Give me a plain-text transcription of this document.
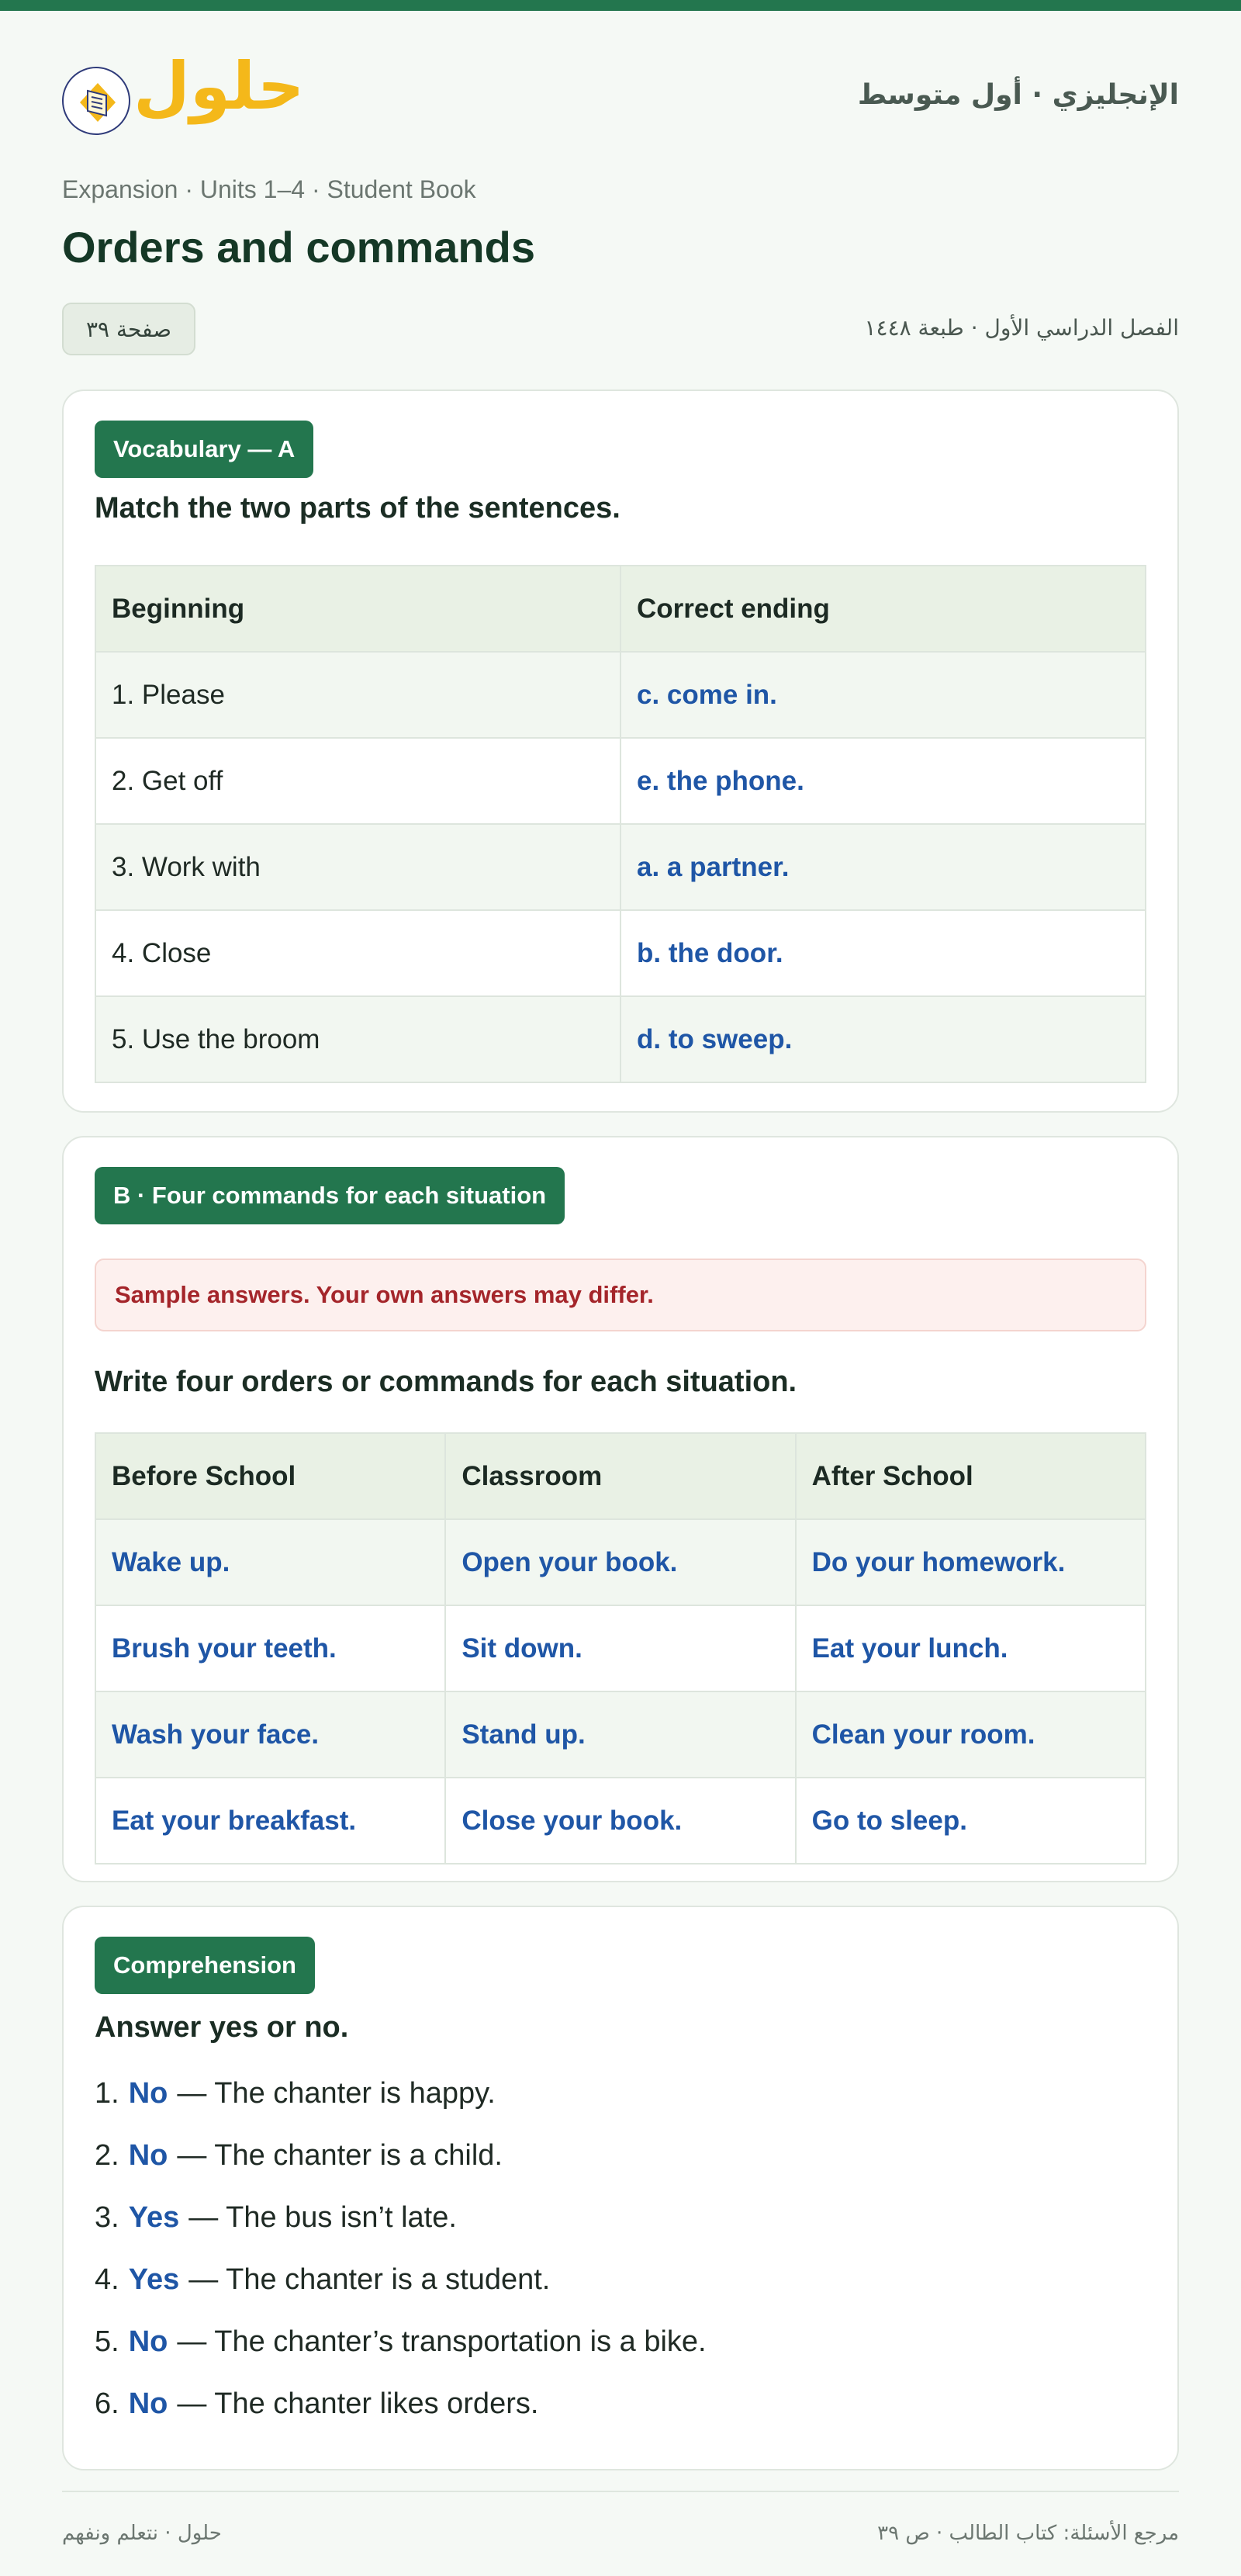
حلول	الإنجليزي · أول متوسط
Expansion · Units 1–4 · Student Book
Orders and commands
صفحة ٣٩	الفصل الدراسي الأول · طبعة ١٤٤٨
Vocabulary — A
Match the two parts of the sentences.
Beginning	Correct ending
1. Please	c. come in.
2. Get off	e. the phone.
3. Work with	a. a partner.
4. Close	b. the door.
5. Use the broom	d. to sweep.
B · Four commands for each situation
Sample answers. Your own answers may differ.
Write four orders or commands for each situation.
Before School	Classroom	After School
Wake up.	Open your book.	Do your homework.
Brush your teeth.	Sit down.	Eat your lunch.
Wash your face.	Stand up.	Clean your room.
Eat your breakfast.	Close your book.	Go to sleep.
Comprehension
Answer yes or no.
1. No — The chanter is happy.
2. No — The chanter is a child.
3. Yes — The bus isn’t late.
4. Yes — The chanter is a student.
5. No — The chanter’s transportation is a bike.
6. No — The chanter likes orders.
حلول · نتعلم ونفهم	مرجع الأسئلة: كتاب الطالب · ص ٣٩
